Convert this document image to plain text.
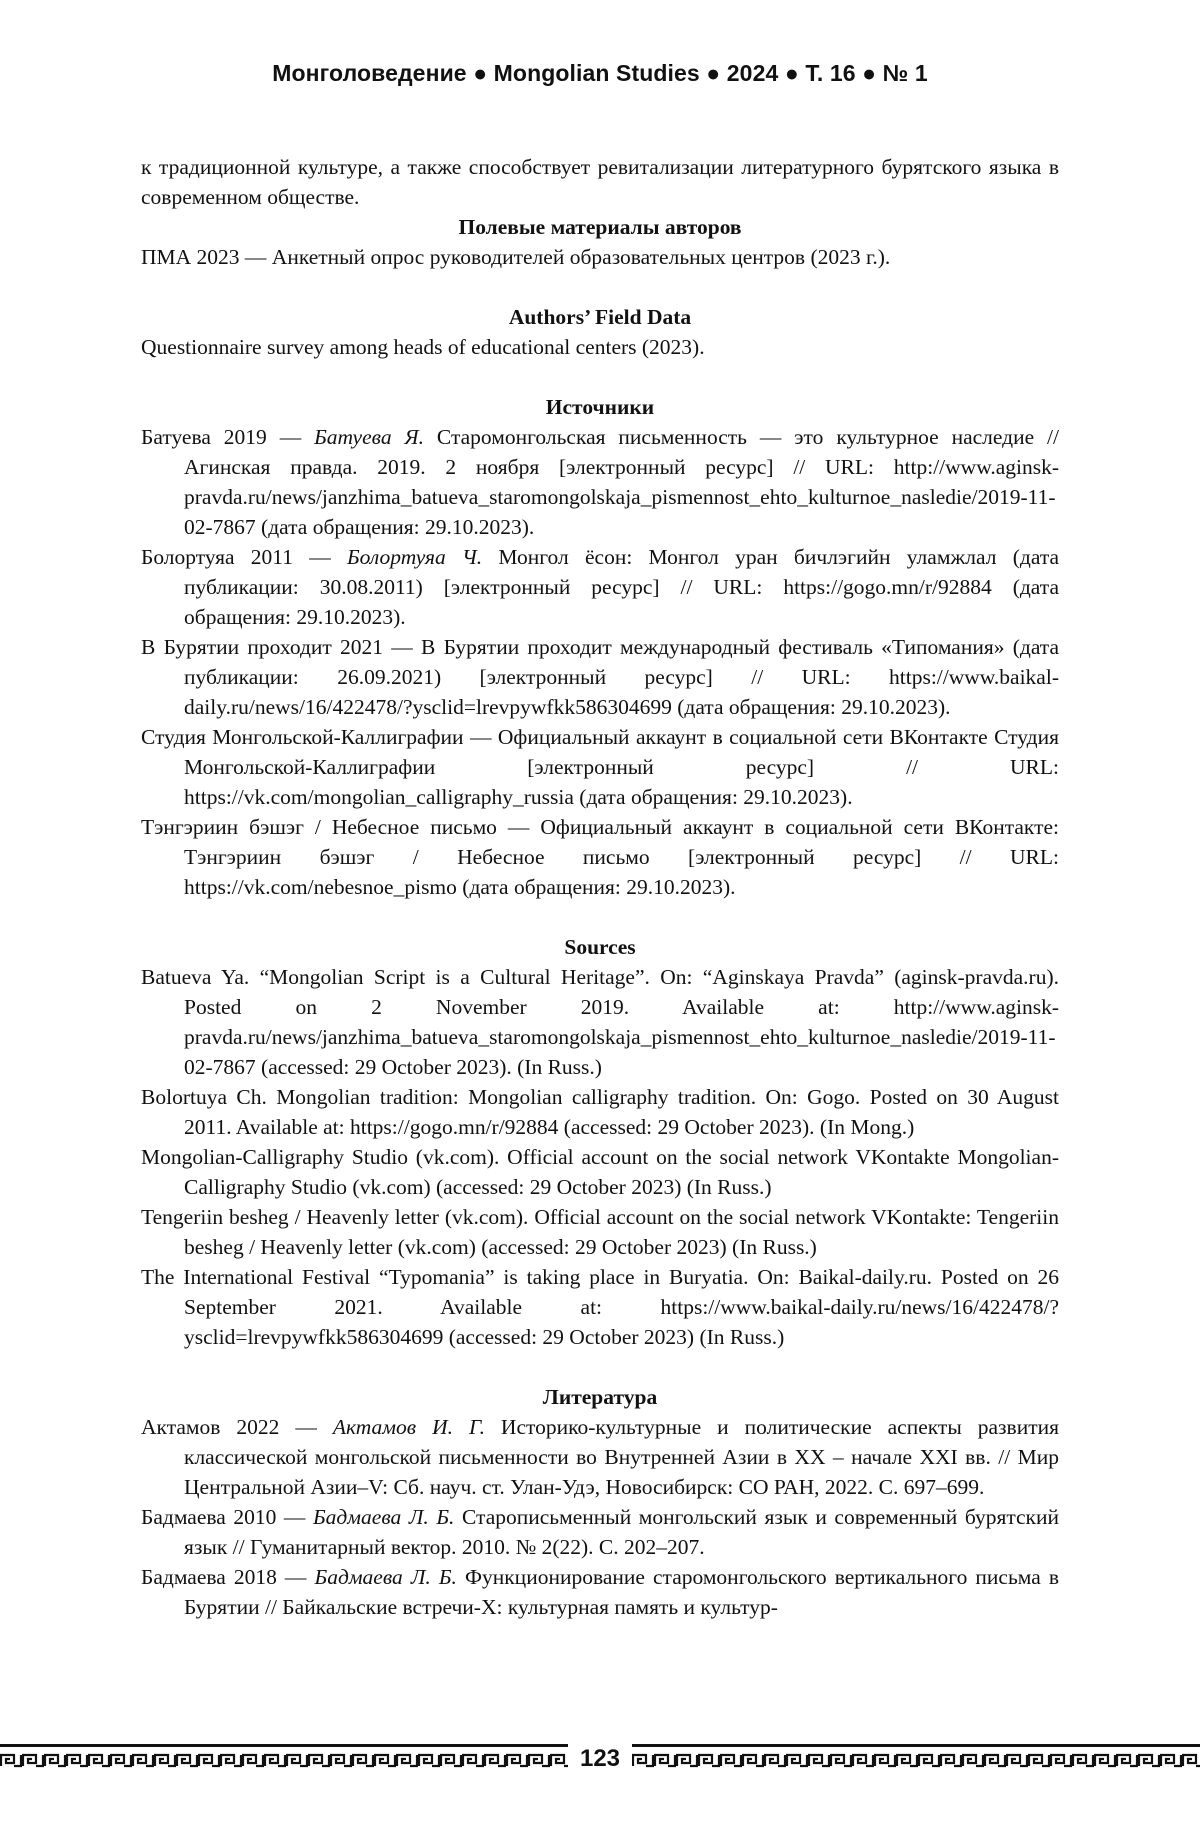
Монголоведение ● Mongolian Studies ● 2024 ● Т. 16 ● № 1

к традиционной культуре, а также способствует ревитализации литературного бурятского языка в современном обществе.

Полевые материалы авторов

ПМА 2023 — Анкетный опрос руководителей образовательных центров (2023 г.).

Authors’ Field Data

Questionnaire survey among heads of educational centers (2023).

Источники

Батуева 2019 — Батуева Я. Старомонгольская письменность — это культурное наследие // Агинская правда. 2019. 2 ноября [электронный ресурс] // URL: http://www.aginsk-pravda.ru/news/janzhima_batueva_staromongolskaja_pismennost_ehto_kulturnoe_nasledie/2019-11-02-7867 (дата обращения: 29.10.2023).

Болортуяа 2011 — Болортуяа Ч. Монгол ёсон: Монгол уран бичлэгийн уламжлал (дата публикации: 30.08.2011) [электронный ресурс] // URL: https://gogo.mn/r/92884 (дата обращения: 29.10.2023).

В Бурятии проходит 2021 — В Бурятии проходит международный фестиваль «Типомания» (дата публикации: 26.09.2021) [электронный ресурс] // URL: https://www.baikal-daily.ru/news/16/422478/?ysclid=lrevpywfkk586304699 (дата обращения: 29.10.2023).

Студия Монгольской-Каллиграфии — Официальный аккаунт в социальной сети ВКонтакте Студия Монгольской-Каллиграфии [электронный ресурс] // URL: https://vk.com/mongolian_calligraphy_russia (дата обращения: 29.10.2023).

Тэнгэриин бэшэг / Небесное письмо — Официальный аккаунт в социальной сети ВКонтакте: Тэнгэриин бэшэг / Небесное письмо [электронный ресурс] // URL: https://vk.com/nebesnoe_pismo (дата обращения: 29.10.2023).

Sources

Batueva Ya. “Mongolian Script is a Cultural Heritage”. On: “Aginskaya Pravda” (aginsk-pravda.ru). Posted on 2 November 2019. Available at: http://www.aginsk-pravda.ru/news/janzhima_batueva_staromongolskaja_pismennost_ehto_kulturnoe_nasledie/2019-11-02-7867 (accessed: 29 October 2023). (In Russ.)

Bolortuya Ch. Mongolian tradition: Mongolian calligraphy tradition. On: Gogo. Posted on 30 August 2011. Available at: https://gogo.mn/r/92884 (accessed: 29 October 2023). (In Mong.)

Mongolian-Calligraphy Studio (vk.com). Official account on the social network VKontakte Mongolian-Calligraphy Studio (vk.com) (accessed: 29 October 2023) (In Russ.)

Tengeriin besheg / Heavenly letter (vk.com). Official account on the social network VKontakte: Tengeriin besheg / Heavenly letter (vk.com) (accessed: 29 October 2023) (In Russ.)

The International Festival “Typomania” is taking place in Buryatia. On: Baikal-daily.ru. Posted on 26 September 2021. Available at: https://www.baikal-daily.ru/news/16/422478/?ysclid=lrevpywfkk586304699 (accessed: 29 October 2023) (In Russ.)

Литература

Актамов 2022 — Актамов И. Г. Историко-культурные и политические аспекты развития классической монгольской письменности во Внутренней Азии в XX – начале XXI вв. // Мир Центральной Азии–V: Сб. науч. ст. Улан-Удэ, Новосибирск: СО РАН, 2022. С. 697–699.

Бадмаева 2010 — Бадмаева Л. Б. Старописьменный монгольский язык и современный бурятский язык // Гуманитарный вектор. 2010. № 2(22). С. 202–207.

Бадмаева 2018 — Бадмаева Л. Б. Функционирование старомонгольского вертикального письма в Бурятии // Байкальские встречи-X: культурная память и культур-

123
